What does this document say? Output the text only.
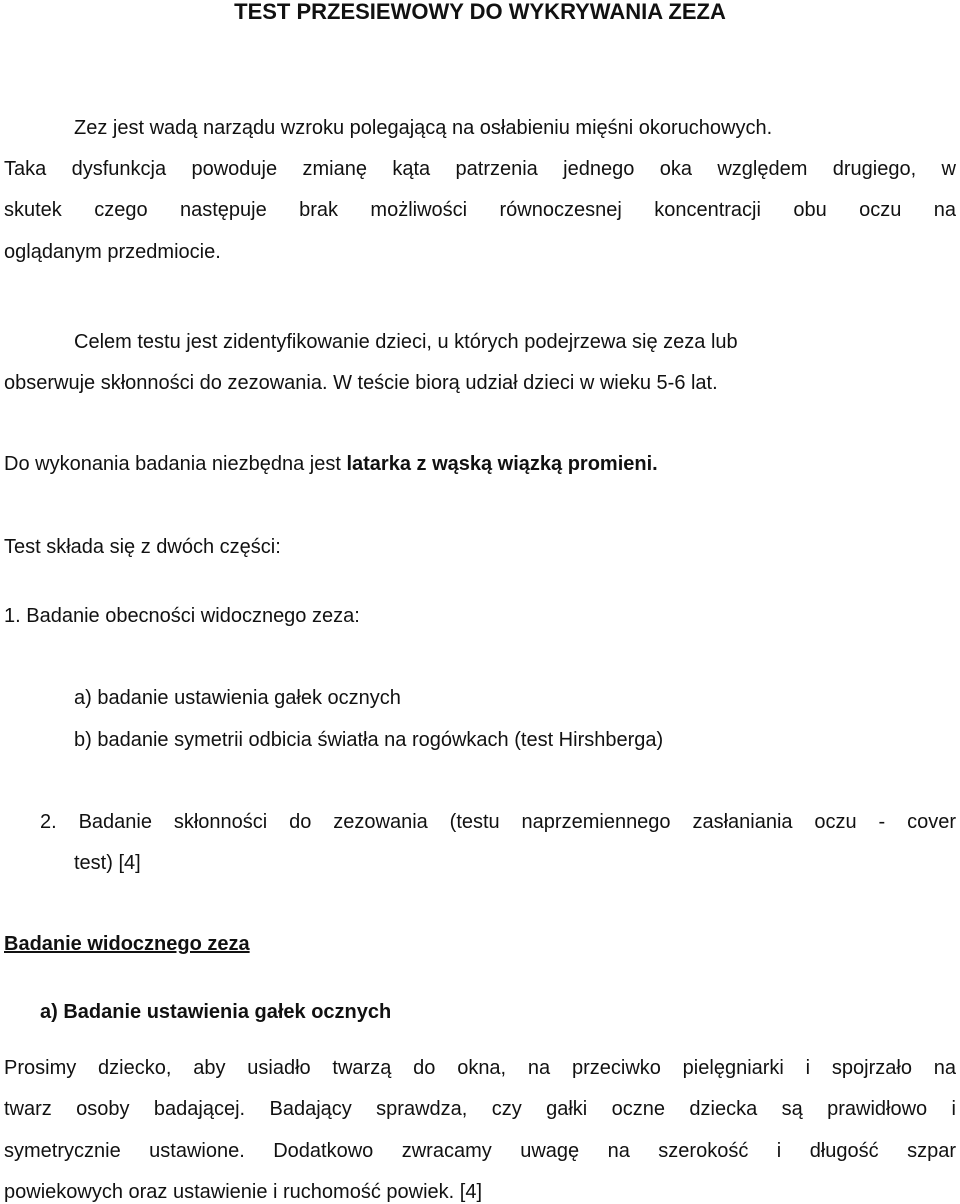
TEST PRZESIEWOWY DO WYKRYWANIA ZEZA
Zez jest wadą narządu wzroku polegającą na osłabieniu mięśni okoruchowych.
Taka dysfunkcja powoduje zmianę kąta patrzenia jednego oka względem drugiego, w
skutek czego następuje brak możliwości równoczesnej koncentracji obu oczu na
oglądanym przedmiocie.
Celem testu jest zidentyfikowanie dzieci, u których podejrzewa się zeza lub
obserwuje skłonności do zezowania. W teście biorą udział dzieci w wieku 5-6 lat.
Do wykonania badania niezbędna jest latarka z wąską wiązką promieni.
Test składa się z dwóch części:
1. Badanie obecności widocznego zeza:
a) badanie ustawienia gałek ocznych
b) badanie symetrii odbicia światła na rogówkach (test Hirshberga)
2. Badanie skłonności do zezowania (testu naprzemiennego zasłaniania oczu - cover
test) [4]
Badanie widocznego zeza
a) Badanie ustawienia gałek ocznych
Prosimy dziecko, aby usiadło twarzą do okna, na przeciwko pielęgniarki i spojrzało na
twarz osoby badającej. Badający sprawdza, czy gałki oczne dziecka są prawidłowo i
symetrycznie ustawione. Dodatkowo zwracamy uwagę na szerokość i długość szpar
powiekowych oraz ustawienie i ruchomość powiek. [4]
